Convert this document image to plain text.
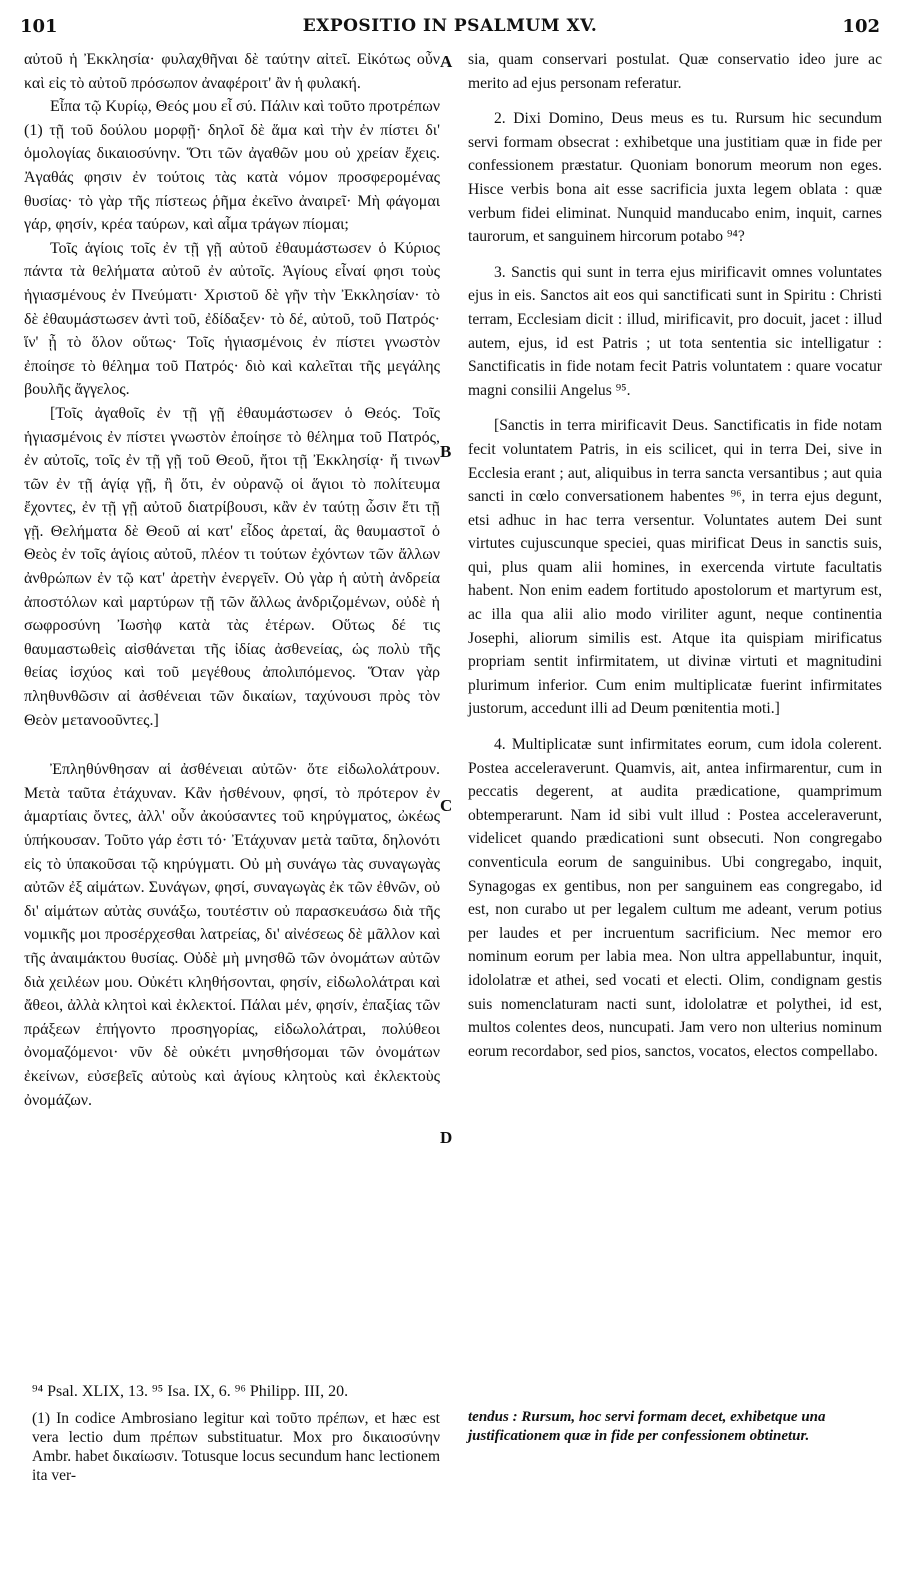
101	EXPOSITIO IN PSALMUM XV.	102

αὐτοῦ ἡ Ἐκκλησία· φυλαχθῆναι δὲ ταύτην αἰτεῖ. Εἰκότως οὖν καὶ εἰς τὸ αὐτοῦ πρόσωπον ἀναφέροιτ' ἂν ἡ φυλακή.

Εἶπα τῷ Κυρίῳ, Θεός μου εἶ σύ. Πάλιν καὶ τοῦτο προτρέπων (1) τῇ τοῦ δούλου μορφῇ· δηλοῖ δὲ ἅμα καὶ τὴν ἐν πίστει δι' ὁμολογίας δικαιοσύνην. Ὅτι τῶν ἀγαθῶν μου οὐ χρείαν ἔχεις. Ἀγαθάς φησιν ἐν τούτοις τὰς κατὰ νόμον προσφερομένας θυσίας· τὸ γὰρ τῆς πίστεως ῥῆμα ἐκεῖνο ἀναιρεῖ· Μὴ φάγομαι γάρ, φησίν, κρέα ταύρων, καὶ αἷμα τράγων πίομαι;

Τοῖς ἁγίοις τοῖς ἐν τῇ γῇ αὐτοῦ ἐθαυμάστωσεν ὁ Κύριος πάντα τὰ θελήματα αὐτοῦ ἐν αὐτοῖς. Ἁγίους εἶναί φησι τοὺς ἡγιασμένους ἐν Πνεύματι· Χριστοῦ δὲ γῆν τὴν Ἐκκλησίαν· τὸ δὲ ἐθαυμάστωσεν ἀντὶ τοῦ, ἐδίδαξεν· τὸ δέ, αὐτοῦ, τοῦ Πατρός· ἵν' ᾖ τὸ ὅλον οὕτως· Τοῖς ἡγιασμένοις ἐν πίστει γνωστὸν ἐποίησε τὸ θέλημα τοῦ Πατρός· διὸ καὶ καλεῖται τῆς μεγάλης βουλῆς ἄγγελος.

[Τοῖς ἀγαθοῖς ἐν τῇ γῇ ἐθαυμάστωσεν ὁ Θεός. Τοῖς ἡγιασμένοις ἐν πίστει γνωστὸν ἐποίησε τὸ θέλημα τοῦ Πατρός, ἐν αὐτοῖς, τοῖς ἐν τῇ γῇ τοῦ Θεοῦ, ἤτοι τῇ Ἐκκλησίᾳ· ἤ τινων τῶν ἐν τῇ ἁγίᾳ γῇ, ἢ ὅτι, ἐν οὐρανῷ οἱ ἅγιοι τὸ πολίτευμα ἔχοντες, ἐν τῇ γῇ αὐτοῦ διατρίβουσι, κἂν ἐν ταύτῃ ὦσιν ἔτι τῇ γῇ. Θελήματα δὲ Θεοῦ αἱ κατ' εἶδος ἀρεταί, ἃς θαυμαστοῖ ὁ Θεὸς ἐν τοῖς ἁγίοις αὐτοῦ, πλέον τι τούτων ἐχόντων τῶν ἄλλων ἀνθρώπων ἐν τῷ κατ' ἀρετὴν ἐνεργεῖν. Οὐ γὰρ ἡ αὐτὴ ἀνδρεία ἀποστόλων καὶ μαρτύρων τῇ τῶν ἄλλως ἀνδριζομένων, οὐδὲ ἡ σωφροσύνη Ἰωσὴφ κατὰ τὰς ἑτέρων. Οὕτως δέ τις θαυμαστωθεὶς αἰσθάνεται τῆς ἰδίας ἀσθενείας, ὡς πολὺ τῆς θείας ἰσχύος καὶ τοῦ μεγέθους ἀπολιπόμενος. Ὅταν γὰρ πληθυνθῶσιν αἱ ἀσθένειαι τῶν δικαίων, ταχύνουσι πρὸς τὸν Θεὸν μετανοοῦντες.]

Ἐπληθύνθησαν αἱ ἀσθένειαι αὐτῶν· ὅτε εἰδωλολάτρουν. Μετὰ ταῦτα ἐτάχυναν. Κἂν ἠσθένουν, φησί, τὸ πρότερον ἐν ἁμαρτίαις ὄντες, ἀλλ' οὖν ἀκούσαντες τοῦ κηρύγματος, ὠκέως ὑπήκουσαν. Τοῦτο γάρ ἐστι τό· Ἐτάχυναν μετὰ ταῦτα, δηλονότι εἰς τὸ ὑπακοῦσαι τῷ κηρύγματι. Οὐ μὴ συνάγω τὰς συναγωγὰς αὐτῶν ἐξ αἱμάτων. Συνάγων, φησί, συναγωγὰς ἐκ τῶν ἐθνῶν, οὐ δι' αἱμάτων αὐτὰς συνάξω, τουτέστιν οὐ παρασκευάσω διὰ τῆς νομικῆς μοι προσέρχεσθαι λατρείας, δι' αἰνέσεως δὲ μᾶλλον καὶ τῆς ἀναιμάκτου θυσίας. Οὐδὲ μὴ μνησθῶ τῶν ὀνομάτων αὐτῶν διὰ χειλέων μου. Οὐκέτι κληθήσονται, φησίν, εἰδωλολάτραι καὶ ἄθεοι, ἀλλὰ κλητοὶ καὶ ἐκλεκτοί. Πάλαι μέν, φησίν, ἐπαξίας τῶν πράξεων ἐπήγοντο προσηγορίας, εἰδωλολάτραι, πολύθεοι ὀνομαζόμενοι· νῦν δὲ οὐκέτι μνησθήσομαι τῶν ὀνομάτων ἐκείνων, εὐσεβεῖς αὐτοὺς καὶ ἁγίους κλητοὺς καὶ ἐκλεκτοὺς ὀνομάζων.

A
B
C
D

sia, quam conservari postulat. Quæ conservatio ideo jure ac merito ad ejus personam referatur.

2. Dixi Domino, Deus meus es tu. Rursum hic secundum servi formam obsecrat : exhibetque una justitiam quæ in fide per confessionem præstatur. Quoniam bonorum meorum non eges. Hisce verbis bona ait esse sacrificia juxta legem oblata : quæ verbum fidei eliminat. Nunquid manducabo enim, inquit, carnes taurorum, et sanguinem hircorum potabo ⁹⁴?

3. Sanctis qui sunt in terra ejus mirificavit omnes voluntates ejus in eis. Sanctos ait eos qui sanctificati sunt in Spiritu : Christi terram, Ecclesiam dicit : illud, mirificavit, pro docuit, jacet : illud autem, ejus, id est Patris ; ut tota sententia sic intelligatur : Sanctificatis in fide notam fecit Patris voluntatem : quare vocatur magni consilii Angelus ⁹⁵.

[Sanctis in terra mirificavit Deus. Sanctificatis in fide notam fecit voluntatem Patris, in eis scilicet, qui in terra Dei, sive in Ecclesia erant ; aut, aliquibus in terra sancta versantibus ; aut quia sancti in cœlo conversationem habentes ⁹⁶, in terra ejus degunt, etsi adhuc in hac terra versentur. Voluntates autem Dei sunt virtutes cujuscunque speciei, quas mirificat Deus in sanctis suis, qui, plus quam alii homines, in exercenda virtute facultatis habent. Non enim eadem fortitudo apostolorum et martyrum est, ac illa qua alii alio modo viriliter agunt, neque continentia Josephi, aliorum similis est. Atque ita quispiam mirificatus propriam sentit infirmitatem, ut divinæ virtuti et magnitudini plurimum inferior. Cum enim multiplicatæ fuerint infirmitates justorum, accedunt illi ad Deum pœnitentia moti.]

4. Multiplicatæ sunt infirmitates eorum, cum idola colerent. Postea acceleraverunt. Quamvis, ait, antea infirmarentur, cum in peccatis degerent, at audita prædicatione, quamprimum obtemperarunt. Nam id sibi vult illud : Postea acceleraverunt, videlicet quando prædicationi sunt obsecuti. Non congregabo conventicula eorum de sanguinibus. Ubi congregabo, inquit, Synagogas ex gentibus, non per sanguinem eas congregabo, id est, non curabo ut per legalem cultum me adeant, verum potius per laudes et per incruentum sacrificium. Nec memor ero nominum eorum per labia mea. Non ultra appellabuntur, inquit, idololatræ et athei, sed vocati et electi. Olim, condignam gestis suis nomenclaturam nacti sunt, idololatræ et polythei, id est, multos colentes deos, nuncupati. Jam vero non ulterius nominum eorum recordabor, sed pios, sanctos, vocatos, electos compellabo.

⁹⁴ Psal. XLIX, 13. ⁹⁵ Isa. IX, 6. ⁹⁶ Philipp. III, 20.

(1) In codice Ambrosiano legitur καὶ τοῦτο πρέπων, et hæc est vera lectio dum πρέπων substituatur. Mox pro δικαιοσύνην Ambr. habet δικαίωσιν. Totusque locus secundum hanc lectionem ita ver-

tendus : Rursum, hoc servi formam decet, exhibetque una justificationem quæ in fide per confessionem obtinetur.
